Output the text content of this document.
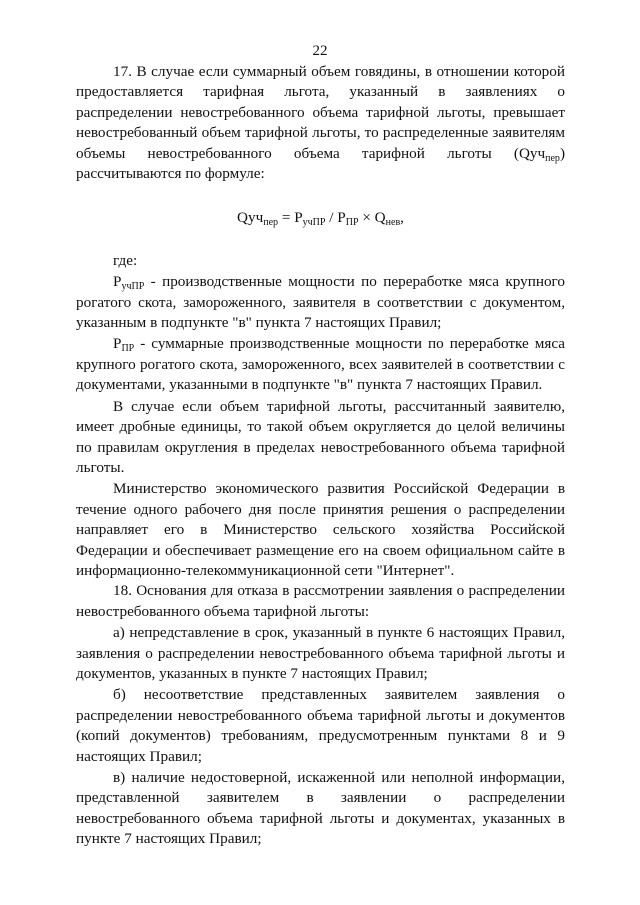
22

17. В случае если суммарный объем говядины, в отношении которой предоставляется тарифная льгота, указанный в заявлениях о распределении невостребованного объема тарифной льготы, превышает невостребованный объем тарифной льготы, то распределенные заявителям объемы невостребованного объема тарифной льготы (Qуч$_{пер}$) рассчитываются по формуле:

$Qуч_{пер} = P_{учПР} / P_{ПР} \times Q_{нев}$,

где:

$P_{учПР}$ - производственные мощности по переработке мяса крупного рогатого скота, замороженного, заявителя в соответствии с документом, указанным в подпункте "в" пункта 7 настоящих Правил;

$P_{ПР}$ - суммарные производственные мощности по переработке мяса крупного рогатого скота, замороженного, всех заявителей в соответствии с документами, указанными в подпункте "в" пункта 7 настоящих Правил.

В случае если объем тарифной льготы, рассчитанный заявителю, имеет дробные единицы, то такой объем округляется до целой величины по правилам округления в пределах невостребованного объема тарифной льготы.

Министерство экономического развития Российской Федерации в течение одного рабочего дня после принятия решения о распределении направляет его в Министерство сельского хозяйства Российской Федерации и обеспечивает размещение его на своем официальном сайте в информационно-телекоммуникационной сети "Интернет".

18. Основания для отказа в рассмотрении заявления о распределении невостребованного объема тарифной льготы:

а) непредставление в срок, указанный в пункте 6 настоящих Правил, заявления о распределении невостребованного объема тарифной льготы и документов, указанных в пункте 7 настоящих Правил;

б) несоответствие представленных заявителем заявления о распределении невостребованного объема тарифной льготы и документов (копий документов) требованиям, предусмотренным пунктами 8 и 9 настоящих Правил;

в) наличие недостоверной, искаженной или неполной информации, представленной заявителем в заявлении о распределении невостребованного объема тарифной льготы и документах, указанных в пункте 7 настоящих Правил;
